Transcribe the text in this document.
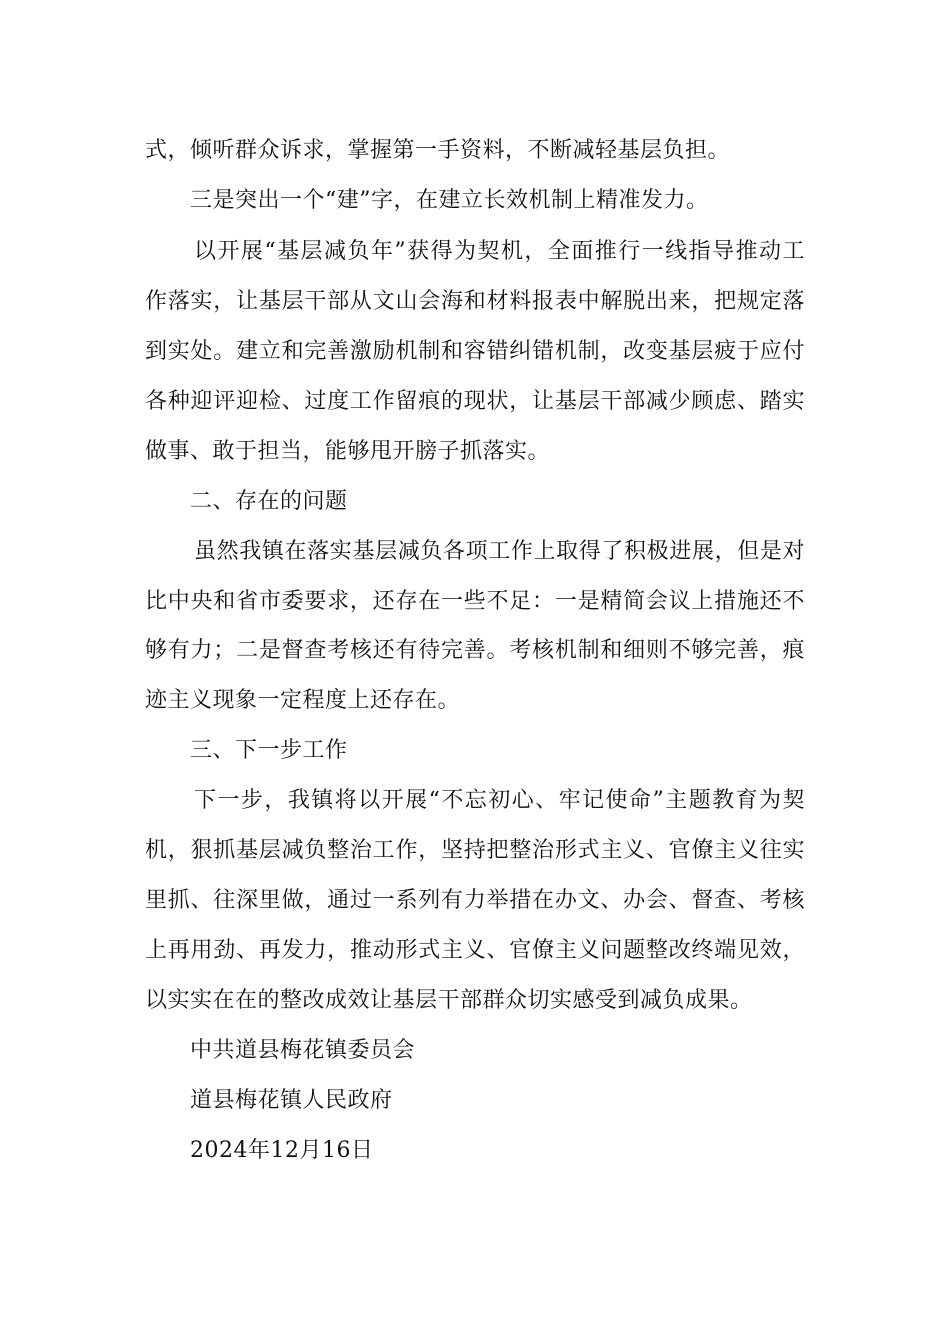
式，倾听群众诉求，掌握第一手资料，不断减轻基层负担。
三是突出一个“建”字，在建立长效机制上精准发力。
以开展“基层减负年”获得为契机，全面推行一线指导推动工
作落实，让基层干部从文山会海和材料报表中解脱出来，把规定落
到实处。建立和完善激励机制和容错纠错机制，改变基层疲于应付
各种迎评迎检、过度工作留痕的现状，让基层干部减少顾虑、踏实
做事、敢于担当，能够甩开膀子抓落实。
二、存在的问题
虽然我镇在落实基层减负各项工作上取得了积极进展，但是对
比中央和省市委要求，还存在一些不足：一是精简会议上措施还不
够有力；二是督查考核还有待完善。考核机制和细则不够完善，痕
迹主义现象一定程度上还存在。
三、下一步工作
下一步，我镇将以开展“不忘初心、牢记使命”主题教育为契
机，狠抓基层减负整治工作，坚持把整治形式主义、官僚主义往实
里抓、往深里做，通过一系列有力举措在办文、办会、督查、考核
上再用劲、再发力，推动形式主义、官僚主义问题整改终端见效，
以实实在在的整改成效让基层干部群众切实感受到减负成果。
中共道县梅花镇委员会
道县梅花镇人民政府
2024年12月16日
